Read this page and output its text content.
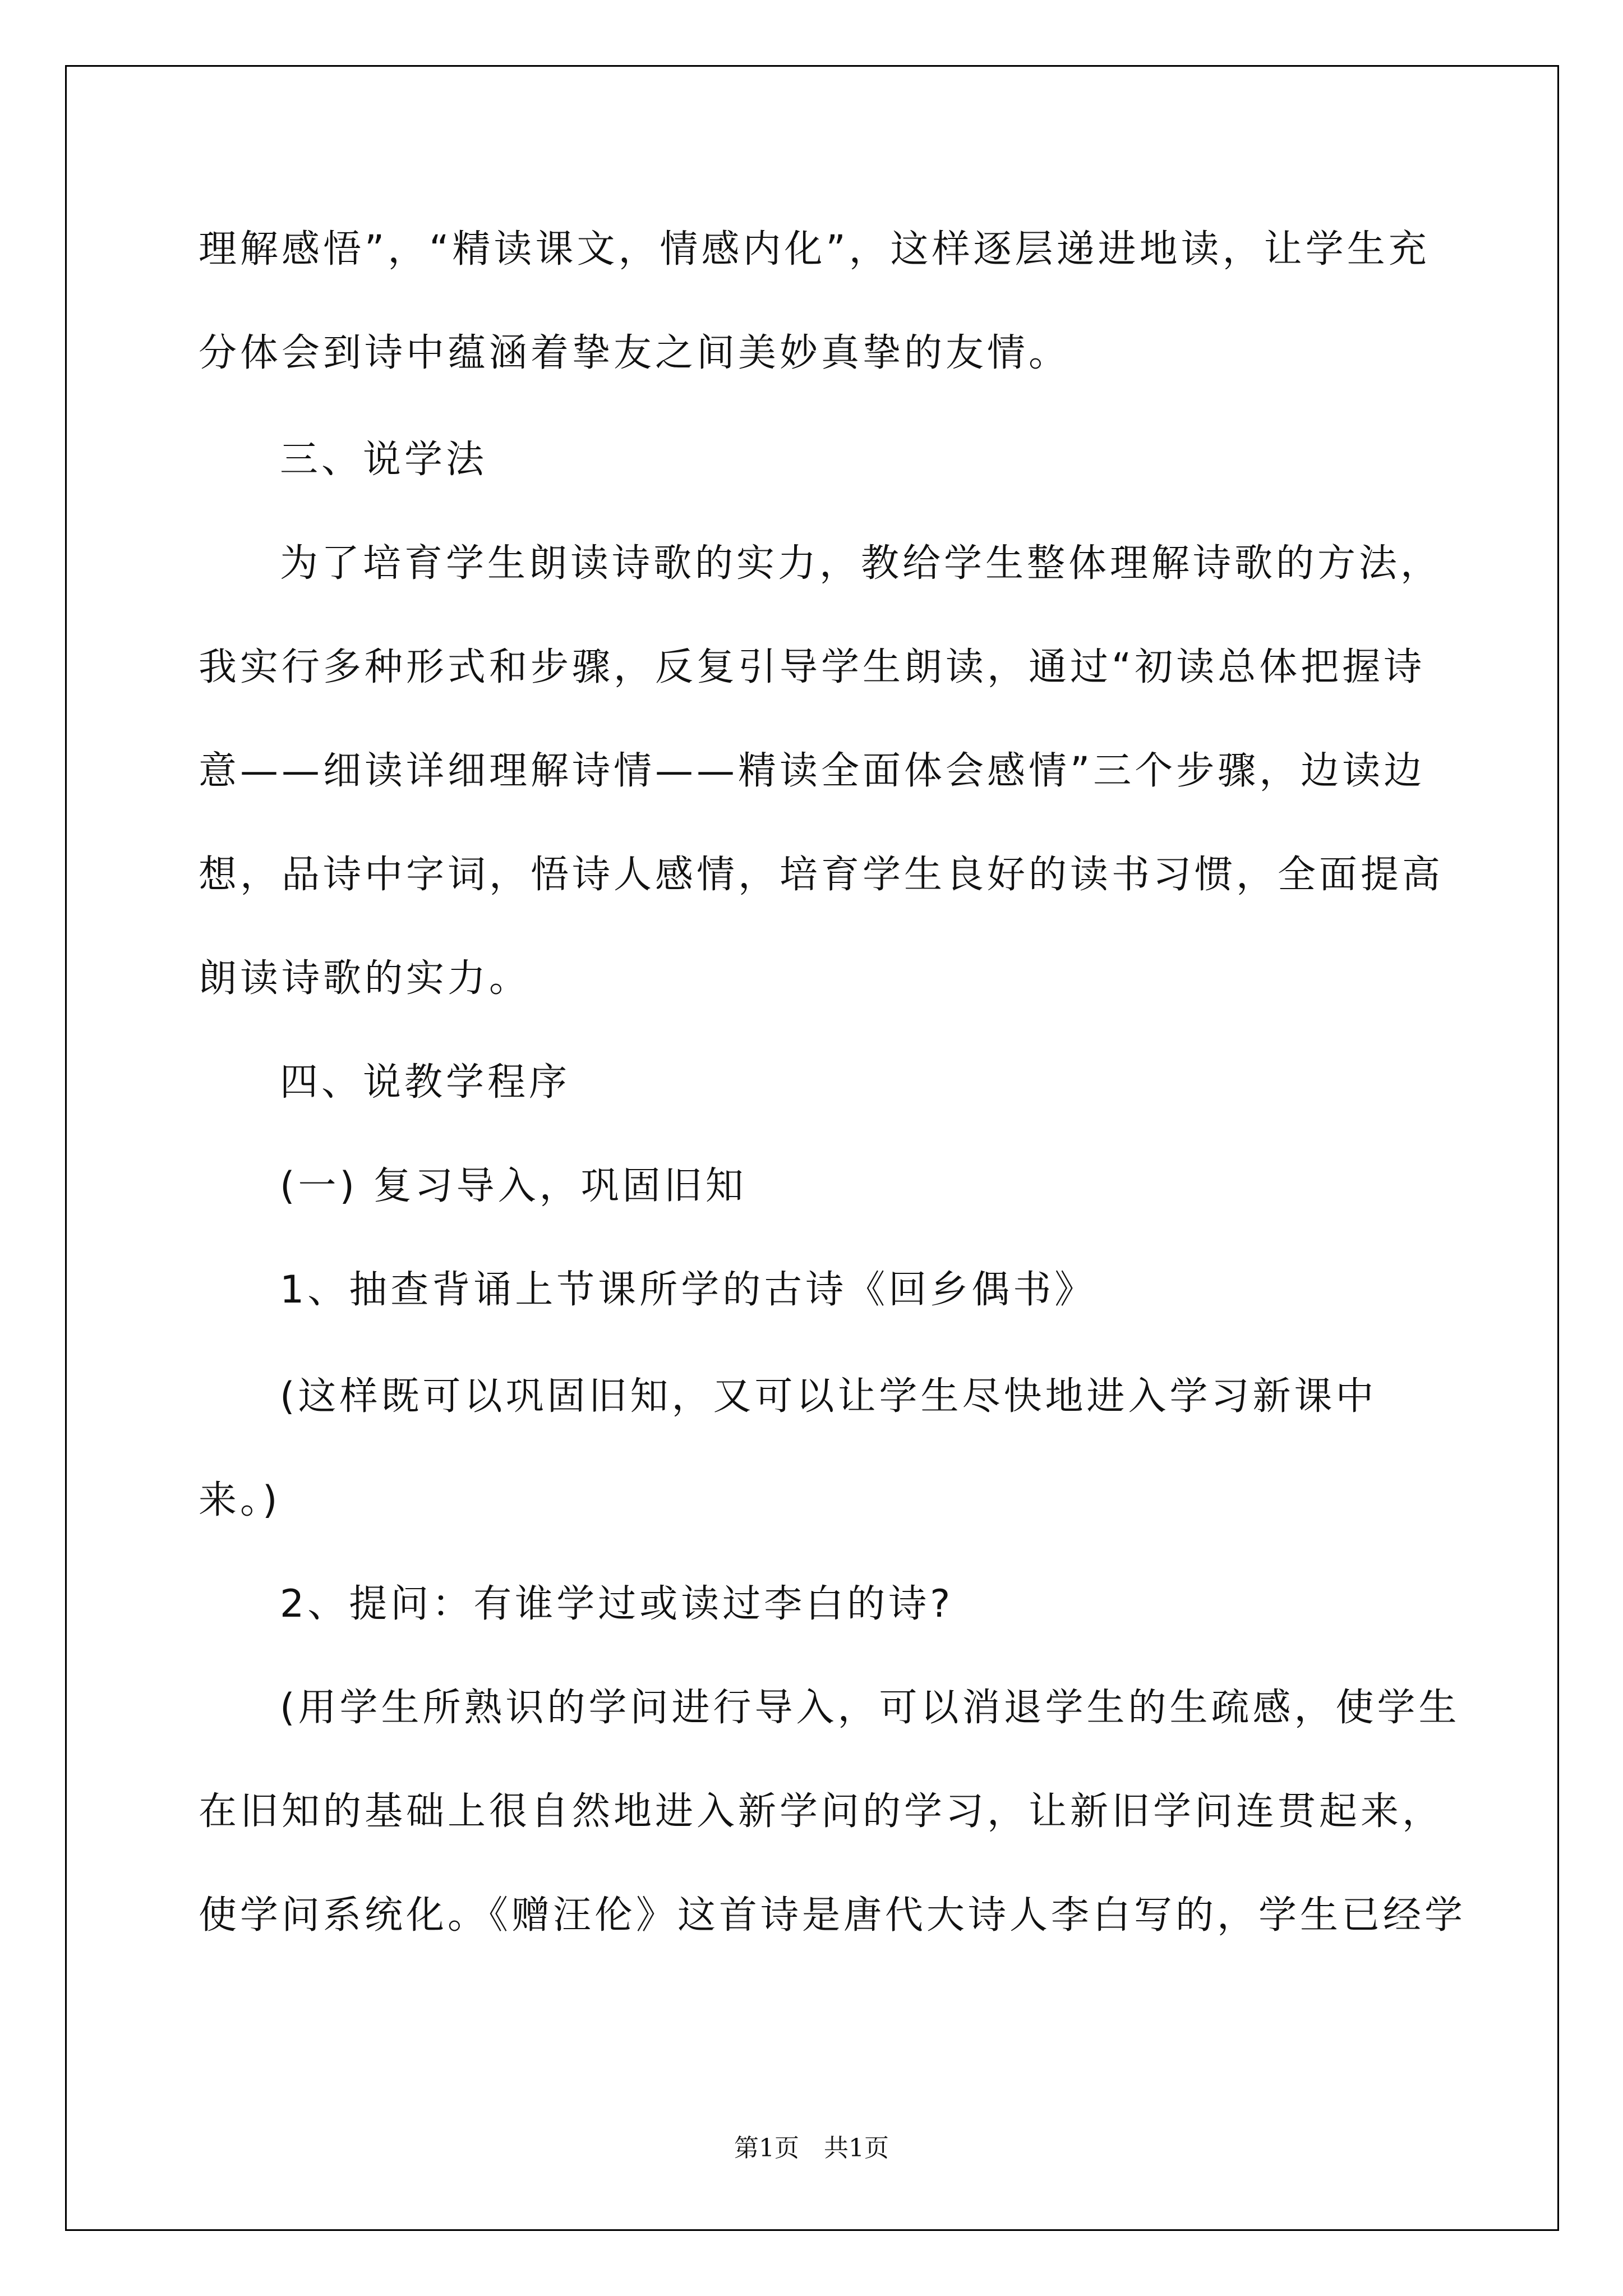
理解感悟”，“精读课文，情感内化”，这样逐层递进地读，让学生充
分体会到诗中蕴涵着挚友之间美妙真挚的友情。
三、说学法
为了培育学生朗读诗歌的实力，教给学生整体理解诗歌的方法，
我实行多种形式和步骤，反复引导学生朗读，通过“初读总体把握诗
意——细读详细理解诗情——精读全面体会感情”三个步骤，边读边
想，品诗中字词，悟诗人感情，培育学生良好的读书习惯，全面提高
朗读诗歌的实力。
四、说教学程序
(一) 复习导入，巩固旧知
1、抽查背诵上节课所学的古诗《回乡偶书》
(这样既可以巩固旧知，又可以让学生尽快地进入学习新课中
来。)
2、提问：有谁学过或读过李白的诗?
(用学生所熟识的学问进行导入，可以消退学生的生疏感，使学生
在旧知的基础上很自然地进入新学问的学习，让新旧学问连贯起来，
使学问系统化。《赠汪伦》这首诗是唐代大诗人李白写的，学生已经学
第1页　共1页
